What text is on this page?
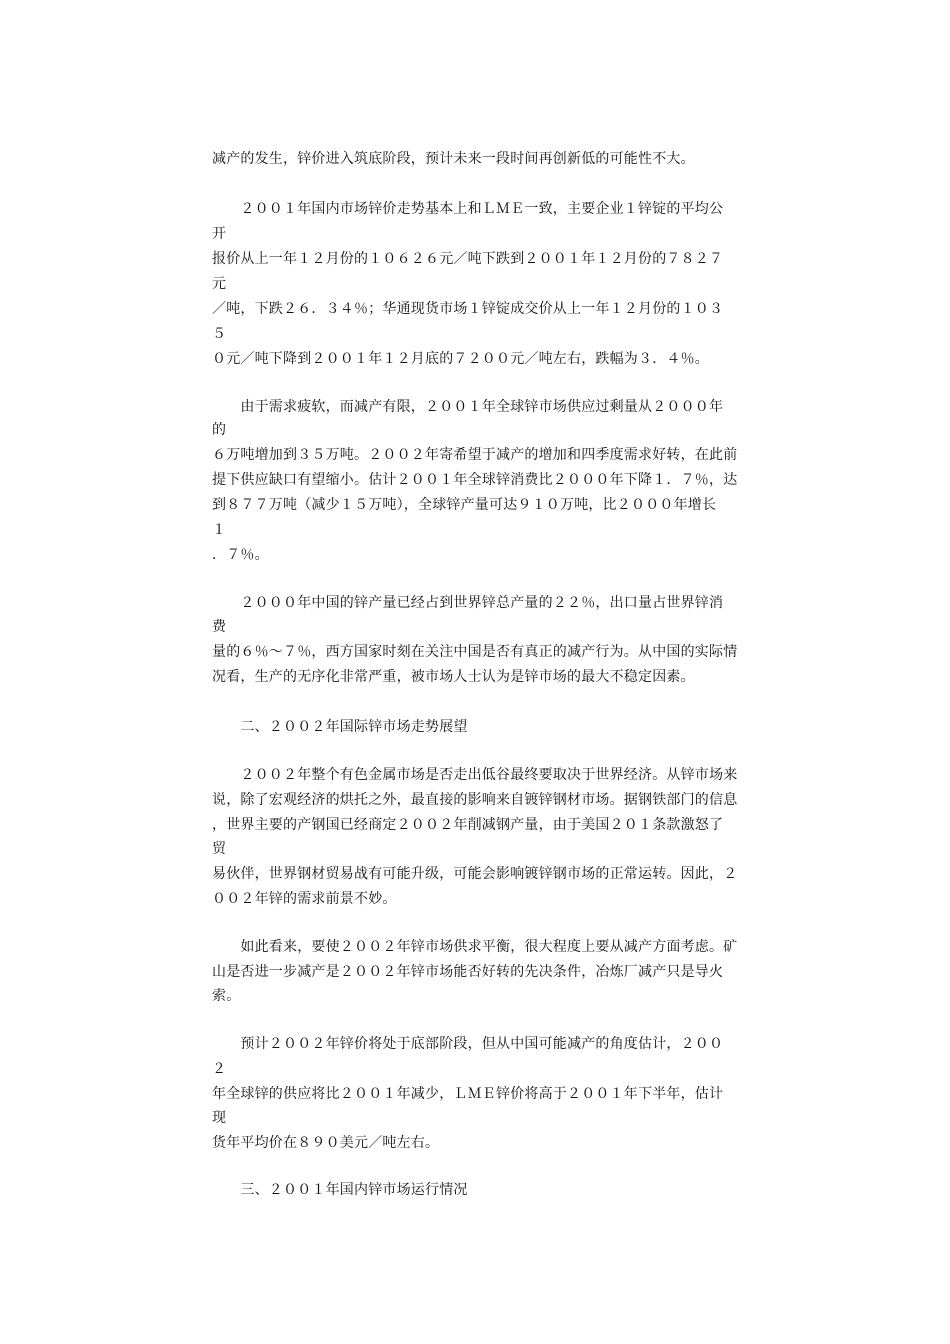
减产的发生，锌价进入筑底阶段，预计未来一段时间再创新低的可能性不大。
　　２００１年国内市场锌价走势基本上和ＬＭＥ一致，主要企业１锌锭的平均公
开
报价从上一年１２月份的１０６２６元／吨下跌到２００１年１２月份的７８２７
元
／吨，下跌２６．３４％；华通现货市场１锌锭成交价从上一年１２月份的１０３
５
０元／吨下降到２００１年１２月底的７２００元／吨左右，跌幅为３．４％。
　　由于需求疲软，而减产有限，２００１年全球锌市场供应过剩量从２０００年
的
６万吨增加到３５万吨。２００２年寄希望于减产的增加和四季度需求好转，在此前
提下供应缺口有望缩小。估计２００１年全球锌消费比２０００年下降１．７％，达
到８７７万吨（减少１５万吨），全球锌产量可达９１０万吨，比２０００年增长
１
．７％。
　　２０００年中国的锌产量已经占到世界锌总产量的２２％，出口量占世界锌消
费
量的６％～７％，西方国家时刻在关注中国是否有真正的减产行为。从中国的实际情
况看，生产的无序化非常严重，被市场人士认为是锌市场的最大不稳定因素。
　　二、２００２年国际锌市场走势展望
　　２００２年整个有色金属市场是否走出低谷最终要取决于世界经济。从锌市场来
说，除了宏观经济的烘托之外，最直接的影响来自镀锌钢材市场。据钢铁部门的信息
，世界主要的产钢国已经商定２００２年削减钢产量，由于美国２０１条款激怒了
贸
易伙伴，世界钢材贸易战有可能升级，可能会影响镀锌钢市场的正常运转。因此，２
００２年锌的需求前景不妙。
　　如此看来，要使２００２年锌市场供求平衡，很大程度上要从减产方面考虑。矿
山是否进一步减产是２００２年锌市场能否好转的先决条件，冶炼厂减产只是导火
索。
　　预计２００２年锌价将处于底部阶段，但从中国可能减产的角度估计，２００
２
年全球锌的供应将比２００１年减少，ＬＭＥ锌价将高于２００１年下半年，估计
现
货年平均价在８９０美元／吨左右。
　　三、２００１年国内锌市场运行情况
